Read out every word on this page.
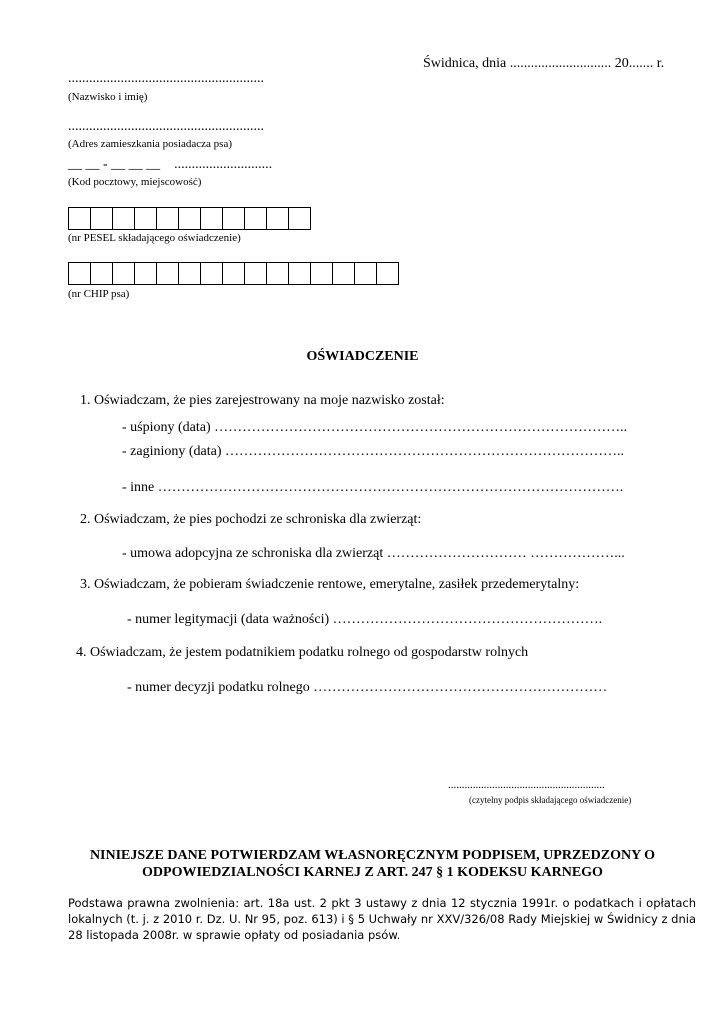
Świdnica, dnia ............................. 20....... r.
........................................................
(Nazwisko i imię)
........................................................
(Adres zamieszkania posiadacza psa)
__ __ - __ __ __    ............................
(Kod pocztowy, miejscowość)
(nr PESEL składającego oświadczenie)
(nr CHIP psa)
OŚWIADCZENIE
1. Oświadczam, że pies zarejestrowany na moje nazwisko został:
- uśpiony (data) ……………………………………………………………………………..
- zaginiony (data) …………………………………………………………………………..
- inne ……………………………………………………………………………………….
2. Oświadczam, że pies pochodzi ze schroniska dla zwierząt:
- umowa adopcyjna ze schroniska dla zwierząt ………………………… ………………...
3. Oświadczam, że pobieram świadczenie rentowe, emerytalne, zasiłek przedemerytalny:
- numer legitymacji (data ważności) ………………………………………………….
4. Oświadczam, że jestem podatnikiem podatku rolnego od gospodarstw rolnych
- numer decyzji podatku rolnego ………………………………………………………
.........................................................
(czytelny podpis składającego oświadczenie)
NINIEJSZE DANE POTWIERDZAM WŁASNORĘCZNYM PODPISEM, UPRZEDZONY O
ODPOWIEDZIALNOŚCI KARNEJ Z ART. 247 § 1 KODEKSU KARNEGO
Podstawa prawna zwolnienia: art. 18a ust. 2 pkt 3 ustawy z dnia 12 stycznia 1991r. o podatkach i opłatach lokalnych (t. j. z 2010 r. Dz. U. Nr 95, poz. 613) i § 5 Uchwały nr XXV/326/08 Rady Miejskiej w Świdnicy z dnia 28 listopada 2008r. w sprawie opłaty od posiadania psów.
